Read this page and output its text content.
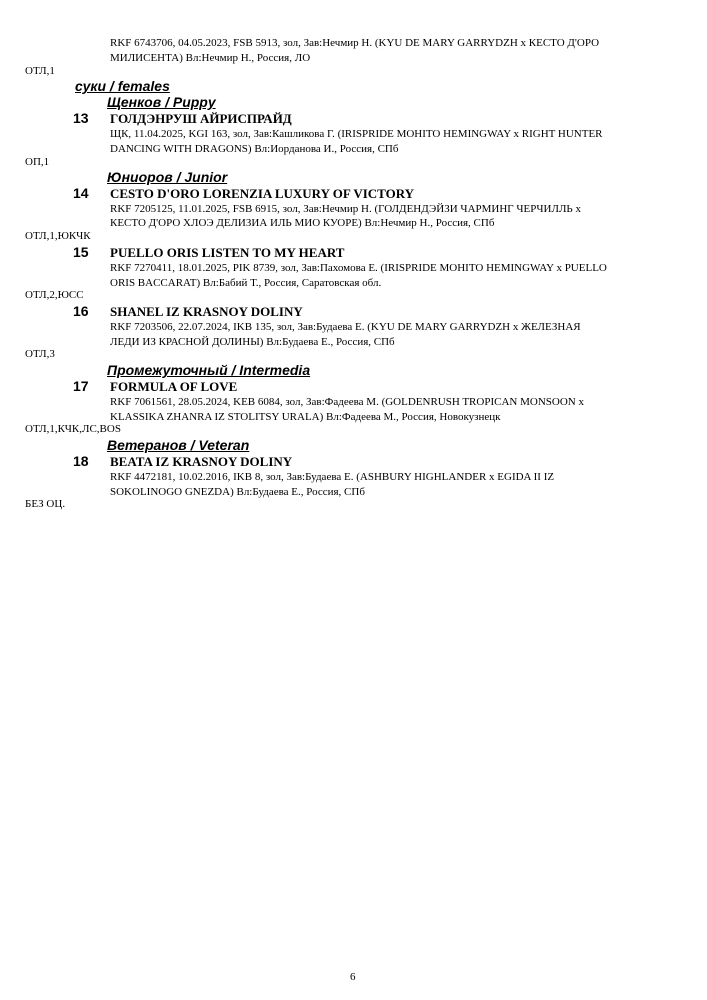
RKF 6743706, 04.05.2023, FSB 5913, зол, Зав:Нечмир Н. (KYU DE MARY GARRYDZH x КЕСТО Д'ОРО
МИЛИСЕНТА) Вл:Нечмир Н., Россия, ЛО
ОТЛ,1
суки / females
Щенков / Puppy
13 ГОЛДЭНРУШ АЙРИСПРАЙД
ЩК, 11.04.2025, KGI 163, зол, Зав:Кашликова Г. (IRISPRIDE MOHITO HEMINGWAY x RIGHT HUNTER
DANCING WITH DRAGONS) Вл:Иорданова И., Россия, СПб
ОП,1
Юниоров / Junior
14 CESTO D'ORO LORENZIA LUXURY OF VICTORY
RKF 7205125, 11.01.2025, FSB 6915, зол, Зав:Нечмир Н. (ГОЛДЕНДЭЙЗИ ЧАРМИНГ ЧЕРЧИЛЛЬ x
КЕСТО Д'ОРО ХЛОЭ ДЕЛИЗИА ИЛЬ МИО КУОРЕ) Вл:Нечмир Н., Россия, СПб
ОТЛ,1,ЮКЧК
15 PUELLO ORIS LISTEN TO MY HEART
RKF 7270411, 18.01.2025, PIK 8739, зол, Зав:Пахомова Е. (IRISPRIDE MOHITO HEMINGWAY x PUELLO
ORIS BACCARAT) Вл:Бабий Т., Россия, Саратовская обл.
ОТЛ,2,ЮСС
16 SHANEL IZ KRASNOY DOLINY
RKF 7203506, 22.07.2024, IKB 135, зол, Зав:Будаева Е. (KYU DE MARY GARRYDZH x ЖЕЛЕЗНАЯ
ЛЕДИ ИЗ КРАСНОЙ ДОЛИНЫ) Вл:Будаева Е., Россия, СПб
ОТЛ,3
Промежуточный / Intermedia
17 FORMULA OF LOVE
RKF 7061561, 28.05.2024, KEB 6084, зол, Зав:Фадеева М. (GOLDENRUSH TROPICAN MONSOON x
KLASSIKA ZHANRA IZ STOLITSY URALA) Вл:Фадеева М., Россия, Новокузнецк
ОТЛ,1,КЧК,ЛС,BOS
Ветеранов / Veteran
18 BEATA IZ KRASNOY DOLINY
RKF 4472181, 10.02.2016, IKB 8, зол, Зав:Будаева Е. (ASHBURY HIGHLANDER x EGIDA II IZ
SOKOLINOGO GNEZDA) Вл:Будаева Е., Россия, СПб
БЕЗ ОЦ.
6
